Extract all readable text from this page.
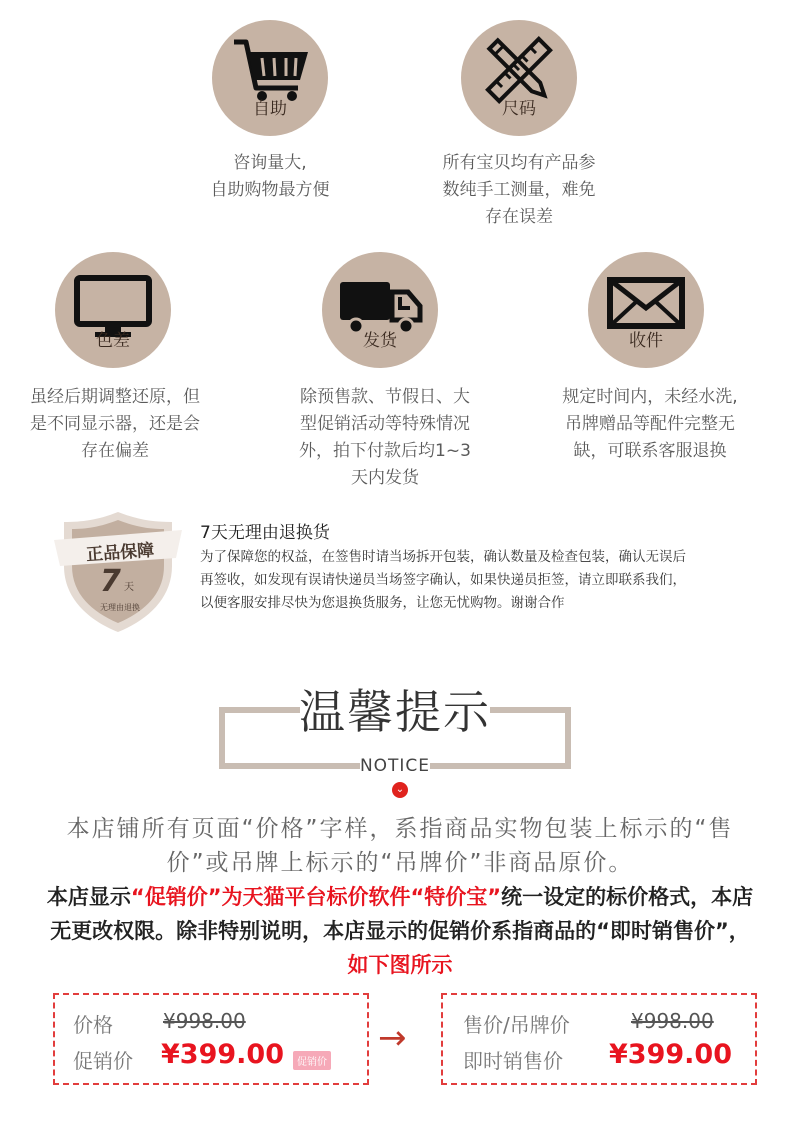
自助
咨询量大,
自助购物最方便
尺码
所有宝贝均有产品参
数纯手工测量，难免
存在误差
色差
虽经后期调整还原，但
是不同显示器，还是会
存在偏差
发货
除预售款、节假日、大
型促销活动等特殊情况
外，拍下付款后均1~3
天内发货
收件
规定时间内，未经水洗,
吊牌赠品等配件完整无
缺，可联系客服退换
正品保障
7 天
无理由退换
7天无理由退换货
为了保障您的权益，在签售时请当场拆开包装，确认数量及检查包装，确认无误后
再签收，如发现有误请快递员当场签字确认，如果快递员拒签，请立即联系我们，
以便客服安排尽快为您退换货服务，让您无忧购物。谢谢合作
温馨提示
NOTICE
⌄
本店铺所有页面“价格”字样，系指商品实物包装上标示的“售价”或吊牌上标示的“吊牌价”非商品原价。
本店显示“促销价”为天猫平台标价软件“特价宝”统一设定的标价格式，本店无更改权限。除非特别说明，本店显示的促销价系指商品的“即时销售价”，如下图所示
价格	¥998.00
促销价 ¥399.00	促销价
→	售价/吊牌价	¥998.00
即时销售价 ¥399.00
